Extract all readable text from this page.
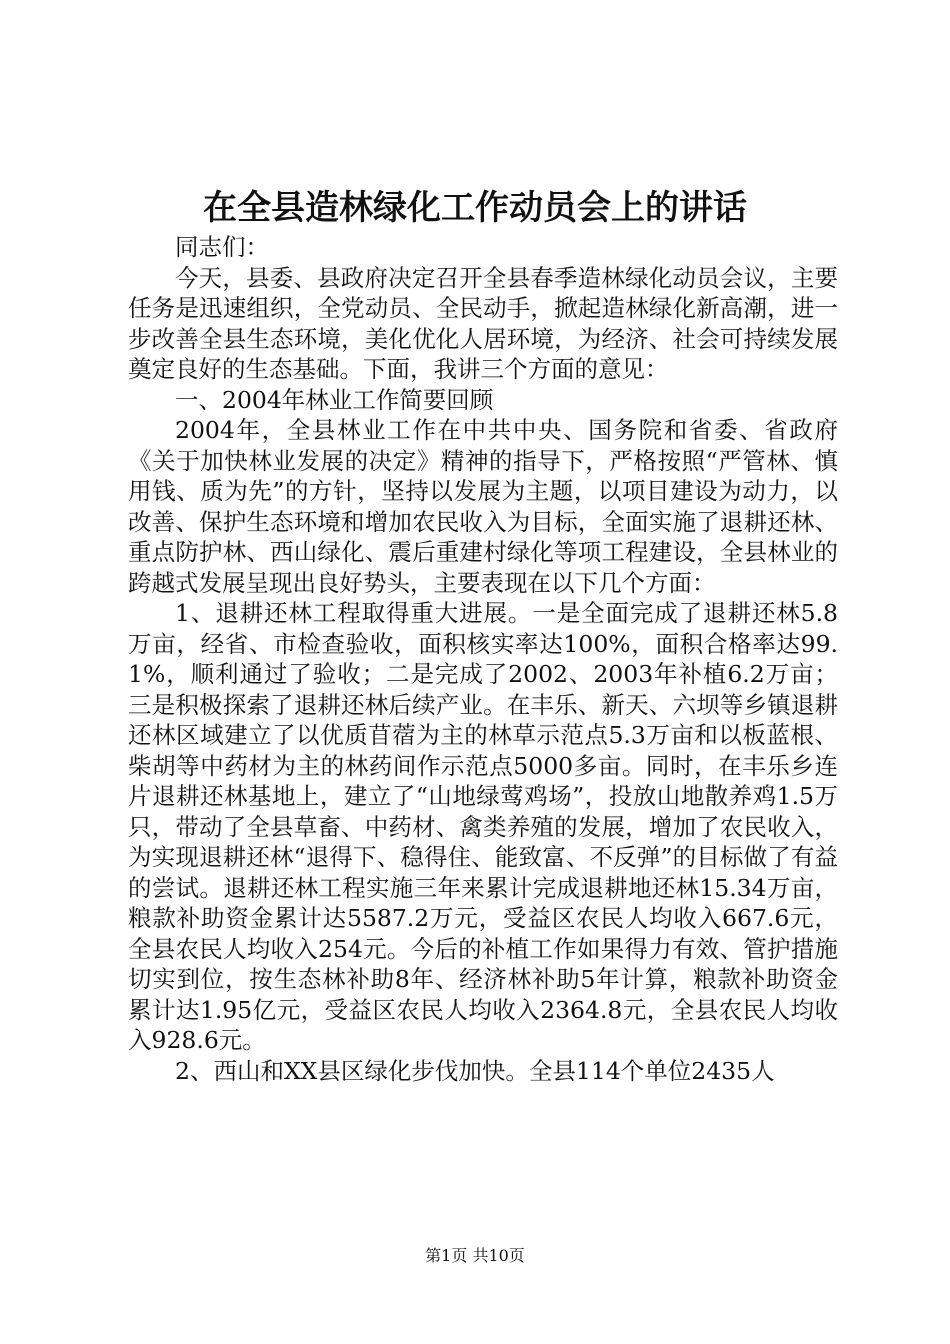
在全县造林绿化工作动员会上的讲话

同志们：

今天，县委、县政府决定召开全县春季造林绿化动员会议，主要任务是迅速组织，全党动员、全民动手，掀起造林绿化新高潮，进一步改善全县生态环境，美化优化人居环境，为经济、社会可持续发展奠定良好的生态基础。下面，我讲三个方面的意见：

一、2004年林业工作简要回顾

2004年，全县林业工作在中共中央、国务院和省委、省政府《关于加快林业发展的决定》精神的指导下，严格按照“严管林、慎用钱、质为先”的方针，坚持以发展为主题，以项目建设为动力，以改善、保护生态环境和增加农民收入为目标，全面实施了退耕还林、重点防护林、西山绿化、震后重建村绿化等项工程建设，全县林业的跨越式发展呈现出良好势头，主要表现在以下几个方面：

1、退耕还林工程取得重大进展。一是全面完成了退耕还林5.8万亩，经省、市检查验收，面积核实率达100%，面积合格率达99.1%，顺利通过了验收；二是完成了2002、2003年补植6.2万亩；三是积极探索了退耕还林后续产业。在丰乐、新天、六坝等乡镇退耕还林区域建立了以优质苜蓿为主的林草示范点5.3万亩和以板蓝根、柴胡等中药材为主的林药间作示范点5000多亩。同时，在丰乐乡连片退耕还林基地上，建立了“山地绿莺鸡场”，投放山地散养鸡1.5万只，带动了全县草畜、中药材、禽类养殖的发展，增加了农民收入，为实现退耕还林“退得下、稳得住、能致富、不反弹”的目标做了有益的尝试。退耕还林工程实施三年来累计完成退耕地还林15.34万亩，粮款补助资金累计达5587.2万元，受益区农民人均收入667.6元，全县农民人均收入254元。今后的补植工作如果得力有效、管护措施切实到位，按生态林补助8年、经济林补助5年计算，粮款补助资金累计达1.95亿元，受益区农民人均收入2364.8元，全县农民人均收入928.6元。

2、西山和XX县区绿化步伐加快。全县114个单位2435人

第1页 共10页
